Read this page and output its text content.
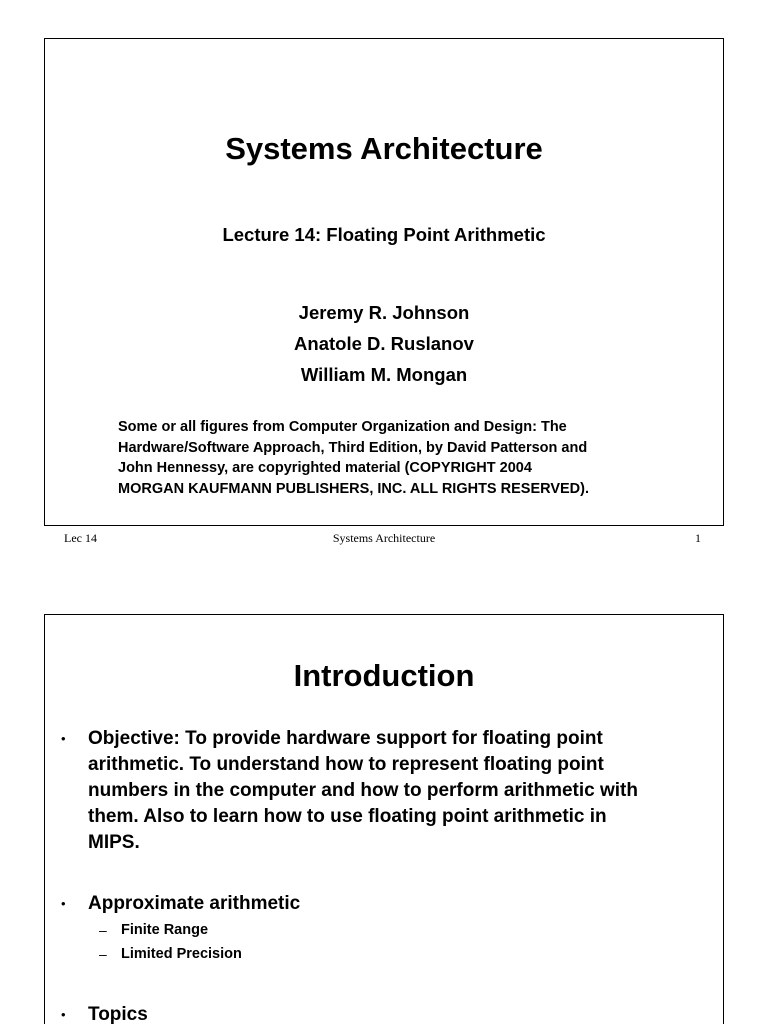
Systems Architecture
Lecture 14: Floating Point Arithmetic
Jeremy R. Johnson
Anatole D. Ruslanov
William M. Mongan
Some or all figures from Computer Organization and Design: The
Hardware/Software Approach, Third Edition, by David Patterson and
John Hennessy, are copyrighted material (COPYRIGHT 2004
MORGAN KAUFMANN PUBLISHERS, INC. ALL RIGHTS RESERVED).
Lec 14	Systems Architecture	1
Introduction
• Objective: To provide hardware support for floating point
arithmetic. To understand how to represent floating point
numbers in the computer and how to perform arithmetic with
them. Also to learn how to use floating point arithmetic in
MIPS.
• Approximate arithmetic
– Finite Range
– Limited Precision
• Topics
